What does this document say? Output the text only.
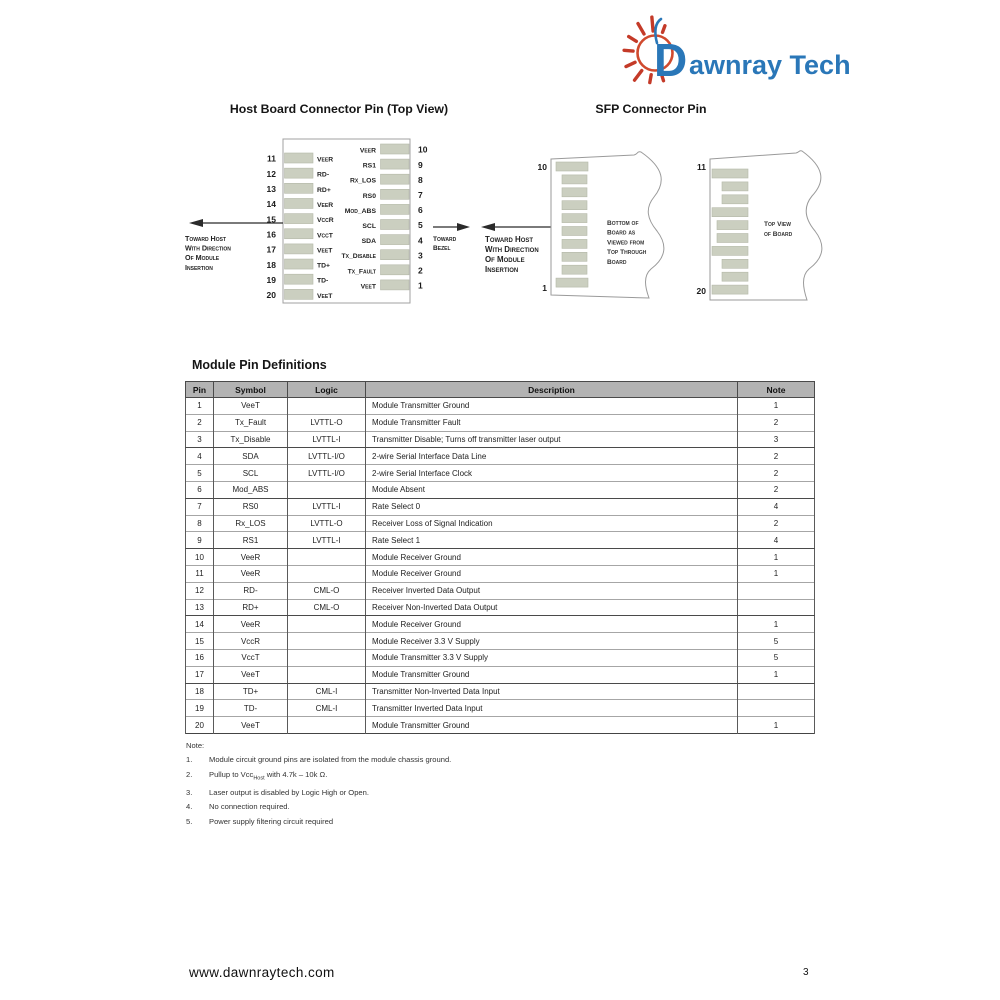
D awnray Tech
Host Board Connector Pin (Top View)	SFP Connector Pin
11	VeeR
12	RD-
13	RD+
14	VeeR
15	VccR
16	VccT
17	VeeT
18	TD+
19	TD-
20	VeeT
10
VeeR
9
RS1
8
Rx_LOS
7
RS0
6
Mod_ABS
5
SCL
4
SDA
3
Tx_Disable
2
Tx_Fault
1
VeeT
Toward Host With Direction Of Module Insertion
Toward Bezel
Toward Host With Direction Of Module Insertion
10
1
Bottom of Board as Viewed from Top Through Board
11
20
Top View of Board
Module Pin Definitions
Pin	Symbol	Logic	Description	Note
1	VeeT		Module Transmitter Ground	1
2	Tx_Fault	LVTTL-O	Module Transmitter Fault	2
3	Tx_Disable	LVTTL-I	Transmitter Disable; Turns off transmitter laser output	3
4	SDA	LVTTL-I/O	2-wire Serial Interface Data Line	2
5	SCL	LVTTL-I/O	2-wire Serial Interface Clock	2
6	Mod_ABS		Module Absent	2
7	RS0	LVTTL-I	Rate Select 0	4
8	Rx_LOS	LVTTL-O	Receiver Loss of Signal Indication	2
9	RS1	LVTTL-I	Rate Select 1	4
10	VeeR		Module Receiver Ground	1
11	VeeR		Module Receiver Ground	1
12	RD-	CML-O	Receiver Inverted Data Output	
13	RD+	CML-O	Receiver Non-Inverted Data Output	
14	VeeR		Module Receiver Ground	1
15	VccR		Module Receiver 3.3 V Supply	5
16	VccT		Module Transmitter 3.3 V Supply	5
17	VeeT		Module Transmitter Ground	1
18	TD+	CML-I	Transmitter Non-Inverted Data Input	
19	TD-	CML-I	Transmitter Inverted Data Input	
20	VeeT		Module Transmitter Ground	1
Note:
1.	Module circuit ground pins are isolated from the module chassis ground.
2.	Pullup to Vcc$_{Host}$ with 4.7k – 10k Ω.
3.	Laser output is disabled by Logic High or Open.
4.	No connection required.
5.	Power supply filtering circuit required
www.dawnraytech.com	3
